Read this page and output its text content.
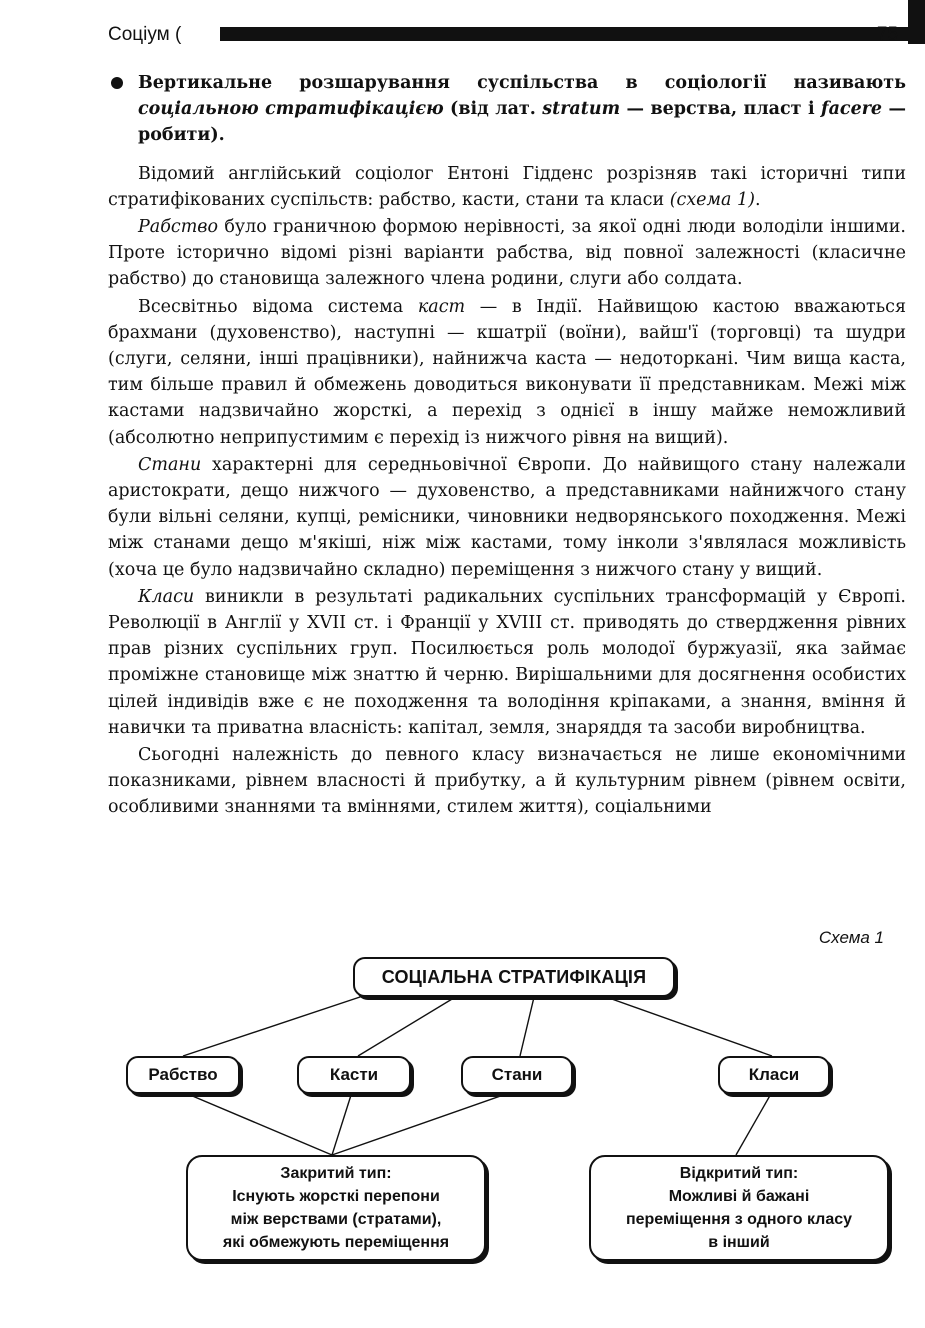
Соціум (	75

Вертикальне розшарування суспільства в соціології називають соціальною стратифікацією (від лат. stratum — верства, пласт і facere — робити).

Відомий англійський соціолог Ентоні Гідденс розрізняв такі історичні типи стратифікованих суспільств: рабство, касти, стани та класи (схема 1).

Рабство було граничною формою нерівності, за якої одні люди володіли іншими. Проте історично відомі різні варіанти рабства, від повної залежності (класичне рабство) до становища залежного члена родини, слуги або солдата.

Всесвітньо відома система каст — в Індії. Найвищою кастою вважаються брахмани (духовенство), наступні — кшатрії (воїни), вайш'ї (торговці) та шудри (слуги, селяни, інші працівники), найнижча каста — недоторкані. Чим вища каста, тим більше правил й обмежень доводиться виконувати її представникам. Межі між кастами надзвичайно жорсткі, а перехід з однієї в іншу майже неможливий (абсолютно неприпустимим є перехід із нижчого рівня на вищий).

Стани характерні для середньовічної Європи. До найвищого стану належали аристократи, дещо нижчого — духовенство, а представниками найнижчого стану були вільні селяни, купці, ремісники, чиновники недворянського походження. Межі між станами дещо м'якіші, ніж між кастами, тому інколи з'являлася можливість (хоча це було надзвичайно складно) переміщення з нижчого стану у вищий.

Класи виникли в результаті радикальних суспільних трансформацій у Європі. Революції в Англії у XVII ст. і Франції у XVIII ст. приводять до ствердження рівних прав різних суспільних груп. Посилюється роль молодої буржуазії, яка займає проміжне становище між знаттю й черню. Вирішальними для досягнення особистих цілей індивідів вже є не походження та володіння кріпаками, а знання, вміння й навички та приватна власність: капітал, земля, знаряддя та засоби виробництва.

Сьогодні належність до певного класу визначається не лише економічними показниками, рівнем власності й прибутку, а й культурним рівнем (рівнем освіти, особливими знаннями та вміннями, стилем життя), соціальними

Схема 1
СОЦІАЛЬНА СТРАТИФІКАЦІЯ
Рабство	Касти	Стани	Класи
Закритий тип:
Існують жорсткі перепони
між верствами (стратами),
які обмежують переміщення
Відкритий тип:
Можливі й бажані
переміщення з одного класу
в інший
